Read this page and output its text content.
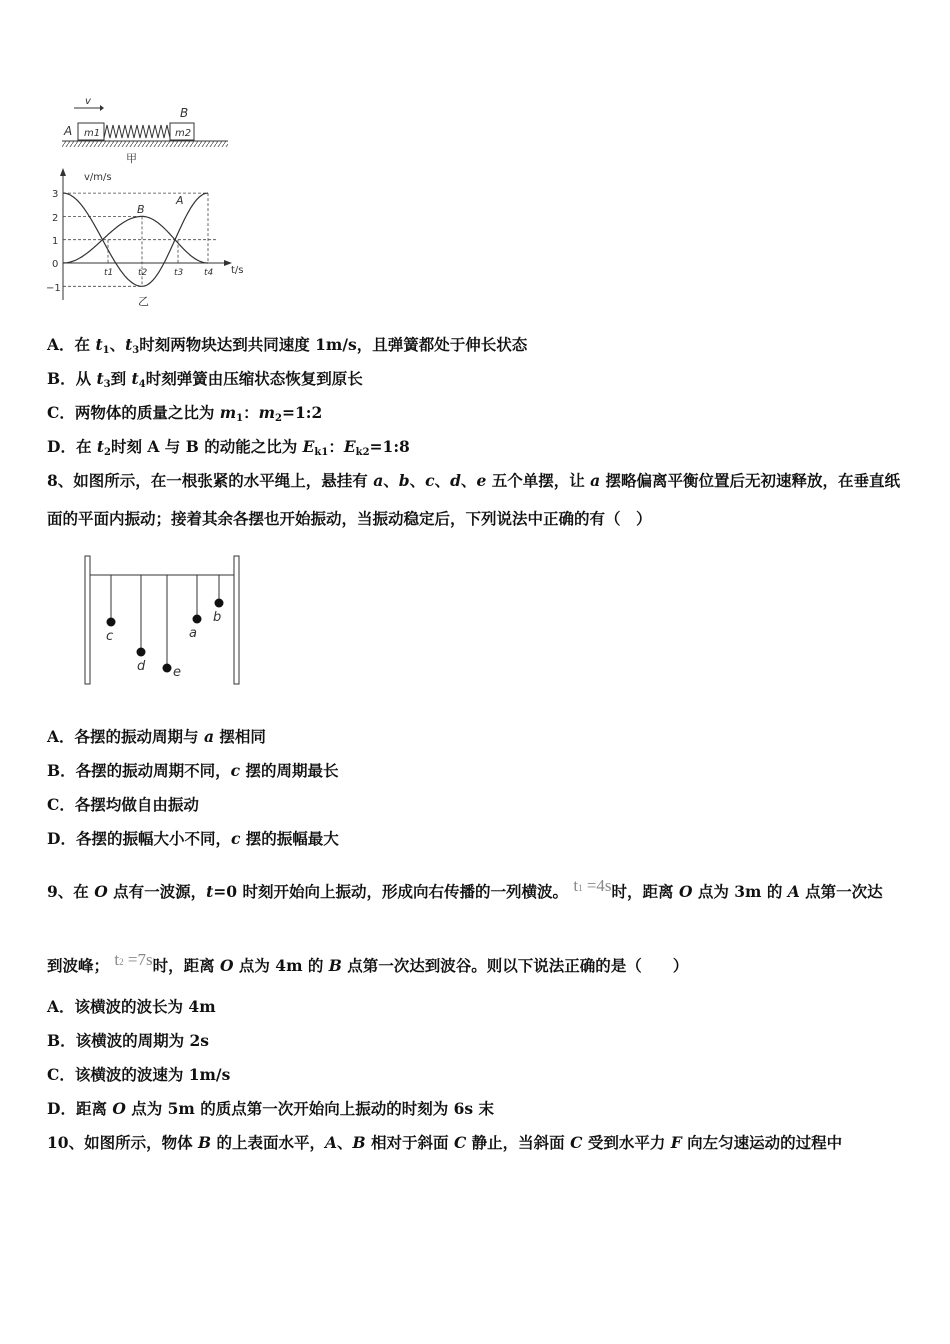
v
A
B
m1	m2
甲
v/m/s
t/s
3
2
1
0
−1
t1	t2	t3 t4
A
B
乙
c
d e
a
b
A．在 t1、t3时刻两物块达到共同速度 1m/s，且弹簧都处于伸长状态
B．从 t3到 t4时刻弹簧由压缩状态恢复到原长
C．两物体的质量之比为 m1：m2=1:2
D．在 t2时刻 A 与 B 的动能之比为 Ek1：Ek2=1:8
8、如图所示，在一根张紧的水平绳上，悬挂有 a、b、c、d、e 五个单摆，让 a 摆略偏离平衡位置后无初速释放，在垂直纸
面的平面内振动；接着其余各摆也开始振动，当振动稳定后，下列说法中正确的有（　）
A．各摆的振动周期与 a 摆相同
B．各摆的振动周期不同，c 摆的周期最长
C．各摆均做自由振动
D．各摆的振幅大小不同，c 摆的振幅最大
9、在 O 点有一波源，t=0 时刻开始向上振动，形成向右传播的一列横波。 $t^1 =4s$时，距离 O 点为 3m 的 A 点第一次达
到波峰； $t^2 =7s$时，距离 O 点为 4m 的 B 点第一次达到波谷。则以下说法正确的是（　　）
A．该横波的波长为 4m
B．该横波的周期为 2s
C．该横波的波速为 1m/s
D．距离 O 点为 5m 的质点第一次开始向上振动的时刻为 6s 末
10、如图所示，物体 B 的上表面水平，A、B 相对于斜面 C 静止，当斜面 C 受到水平力 F 向左匀速运动的过程中
